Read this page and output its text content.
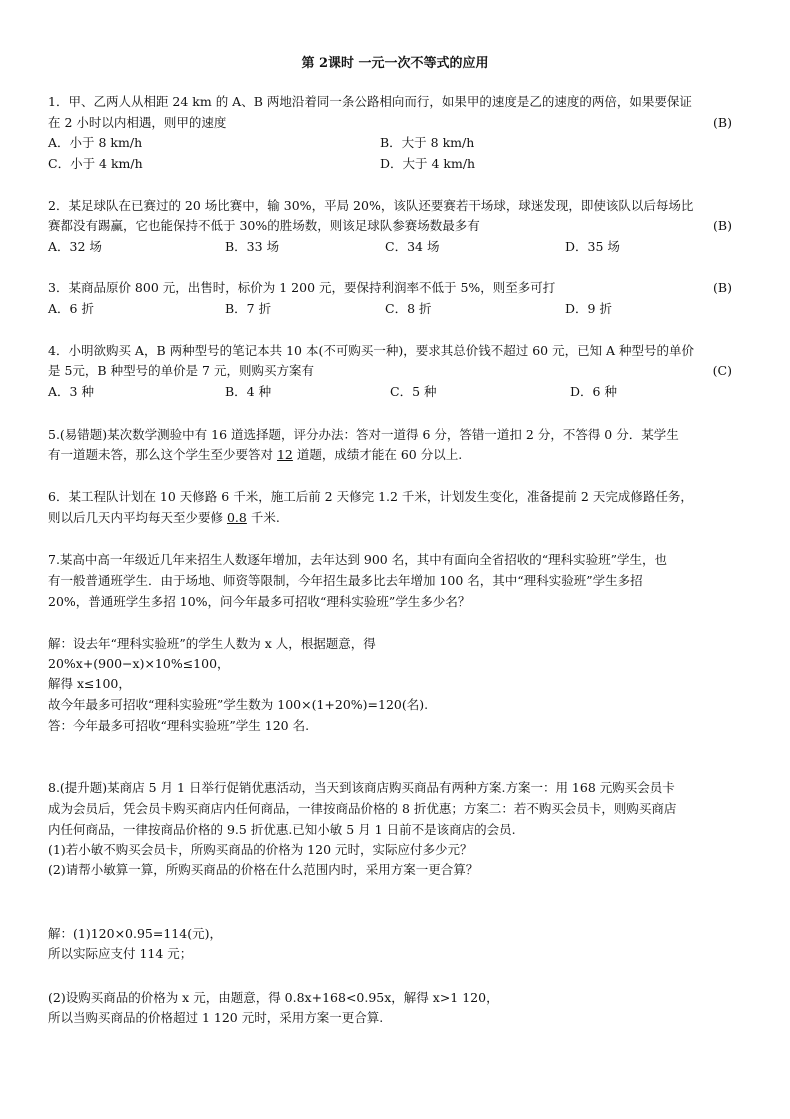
第 2课时 一元一次不等式的应用
1．甲、乙两人从相距 24 km 的 A、B 两地沿着同一条公路相向而行，如果甲的速度是乙的速度的两倍，如果要保证
在 2 小时以内相遇，则甲的速度	(B)
A．小于 8 km/h	B．大于 8 km/h
C．小于 4 km/h	D．大于 4 km/h
2．某足球队在已赛过的 20 场比赛中，输 30%，平局 20%，该队还要赛若干场球，球迷发现，即使该队以后每场比
赛都没有踢赢，它也能保持不低于 30%的胜场数，则该足球队参赛场数最多有	(B)
A．32 场	B．33 场	C．34 场	D．35 场
3．某商品原价 800 元，出售时，标价为 1 200 元，要保持利润率不低于 5%，则至多可打	(B)
A．6 折	B．7 折	C．8 折	D．9 折
4．小明欲购买 A，B 两种型号的笔记本共 10 本(不可购买一种)，要求其总价钱不超过 60 元，已知 A 种型号的单价
是 5元，B 种型号的单价是 7 元，则购买方案有	(C)
A．3 种	B．4 种	C．5 种	D．6 种
5.(易错题)某次数学测验中有 16 道选择题，评分办法：答对一道得 6 分，答错一道扣 2 分，不答得 0 分．某学生
有一道题未答，那么这个学生至少要答对 12 道题，成绩才能在 60 分以上.
6．某工程队计划在 10 天修路 6 千米，施工后前 2 天修完 1.2 千米，计划发生变化，准备提前 2 天完成修路任务，
则以后几天内平均每天至少要修 0.8 千米.
7.某高中高一年级近几年来招生人数逐年增加，去年达到 900 名，其中有面向全省招收的“理科实验班”学生，也
有一般普通班学生．由于场地、师资等限制，今年招生最多比去年增加 100 名，其中“理科实验班”学生多招
20%，普通班学生多招 10%，问今年最多可招收“理科实验班”学生多少名？
解：设去年“理科实验班”的学生人数为 x 人，根据题意，得
20%x+(900−x)×10%≤100，
解得 x≤100，
故今年最多可招收“理科实验班”学生数为 100×(1+20%)=120(名).
答：今年最多可招收“理科实验班”学生 120 名.
8.(提升题)某商店 5 月 1 日举行促销优惠活动，当天到该商店购买商品有两种方案.方案一：用 168 元购买会员卡
成为会员后，凭会员卡购买商店内任何商品，一律按商品价格的 8 折优惠；方案二：若不购买会员卡，则购买商店
内任何商品，一律按商品价格的 9.5 折优惠.已知小敏 5 月 1 日前不是该商店的会员.
(1)若小敏不购买会员卡，所购买商品的价格为 120 元时，实际应付多少元？
(2)请帮小敏算一算，所购买商品的价格在什么范围内时，采用方案一更合算？
解：(1)120×0.95=114(元)，
所以实际应支付 114 元；
(2)设购买商品的价格为 x 元，由题意，得 0.8x+168<0.95x，解得 x>1 120，
所以当购买商品的价格超过 1 120 元时，采用方案一更合算.
